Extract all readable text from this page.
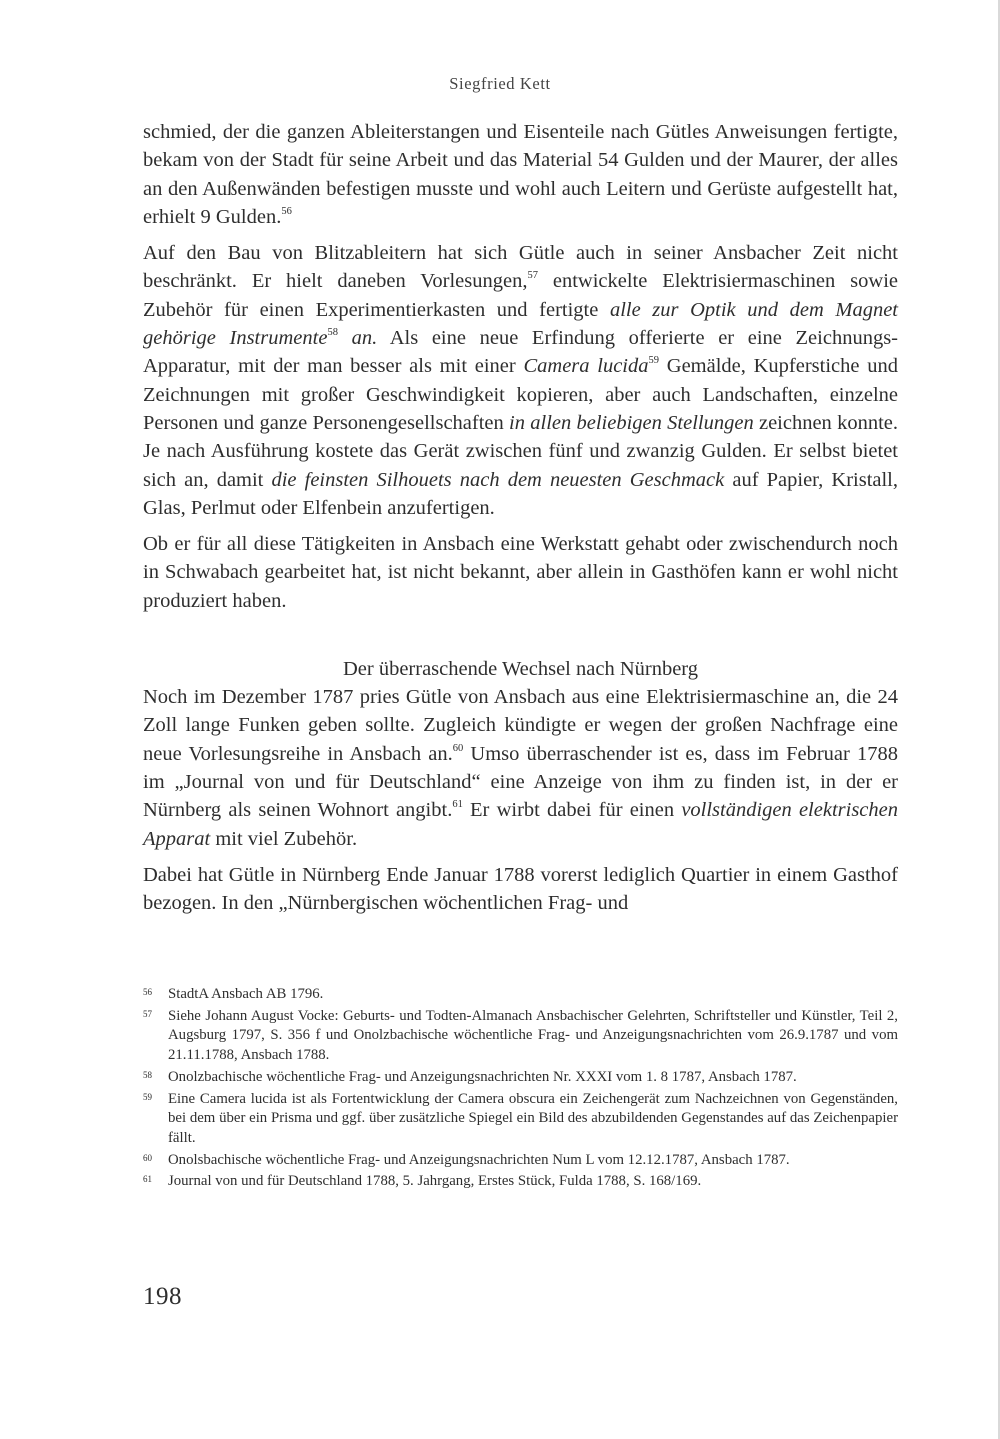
Siegfried Kett

schmied, der die ganzen Ableiterstangen und Eisenteile nach Gütles Anweisungen fertigte, bekam von der Stadt für seine Arbeit und das Material 54 Gulden und der Maurer, der alles an den Außenwänden befestigen musste und wohl auch Leitern und Gerüste aufgestellt hat, erhielt 9 Gulden.$^{56}$

Auf den Bau von Blitzableitern hat sich Gütle auch in seiner Ansbacher Zeit nicht beschränkt. Er hielt daneben Vorlesungen,$^{57}$ entwickelte Elektrisiermaschinen sowie Zubehör für einen Experimentierkasten und fertigte alle zur Optik und dem Magnet gehörige Instrumente$^{58}$ an. Als eine neue Erfindung offerierte er eine Zeichnungs-Apparatur, mit der man besser als mit einer Camera lucida$^{59}$ Gemälde, Kupferstiche und Zeichnungen mit großer Geschwindigkeit kopieren, aber auch Landschaften, einzelne Personen und ganze Personengesellschaften in allen beliebigen Stellungen zeichnen konnte. Je nach Ausführung kostete das Gerät zwischen fünf und zwanzig Gulden. Er selbst bietet sich an, damit die feinsten Silhouets nach dem neuesten Geschmack auf Papier, Kristall, Glas, Perlmut oder Elfenbein anzufertigen.

Ob er für all diese Tätigkeiten in Ansbach eine Werkstatt gehabt oder zwischendurch noch in Schwabach gearbeitet hat, ist nicht bekannt, aber allein in Gasthöfen kann er wohl nicht produziert haben.

Der überraschende Wechsel nach Nürnberg

Noch im Dezember 1787 pries Gütle von Ansbach aus eine Elektrisiermaschine an, die 24 Zoll lange Funken geben sollte. Zugleich kündigte er wegen der großen Nachfrage eine neue Vorlesungsreihe in Ansbach an.$^{60}$ Umso überraschender ist es, dass im Februar 1788 im „Journal von und für Deutschland“ eine Anzeige von ihm zu finden ist, in der er Nürnberg als seinen Wohnort angibt.$^{61}$ Er wirbt dabei für einen vollständigen elektrischen Apparat mit viel Zubehör.

Dabei hat Gütle in Nürnberg Ende Januar 1788 vorerst lediglich Quartier in einem Gasthof bezogen. In den „Nürnbergischen wöchentlichen Frag- und

56	StadtA Ansbach AB 1796.
57	Siehe Johann August Vocke: Geburts- und Todten-Almanach Ansbachischer Gelehrten, Schriftsteller und Künstler, Teil 2, Augsburg 1797, S. 356 f und Onolzbachische wöchentliche Frag- und Anzeigungsnachrichten vom 26.9.1787 und vom 21.11.1788, Ansbach 1788.
58	Onolzbachische wöchentliche Frag- und Anzeigungsnachrichten Nr. XXXI vom 1. 8 1787, Ansbach 1787.
59	Eine Camera lucida ist als Fortentwicklung der Camera obscura ein Zeichengerät zum Nachzeichnen von Gegenständen, bei dem über ein Prisma und ggf. über zusätzliche Spiegel ein Bild des abzubildenden Gegenstandes auf das Zeichenpapier fällt.
60	Onolsbachische wöchentliche Frag- und Anzeigungsnachrichten Num L vom 12.12.1787, Ansbach 1787.
61	Journal von und für Deutschland 1788, 5. Jahrgang, Erstes Stück, Fulda 1788, S. 168/169.
198
